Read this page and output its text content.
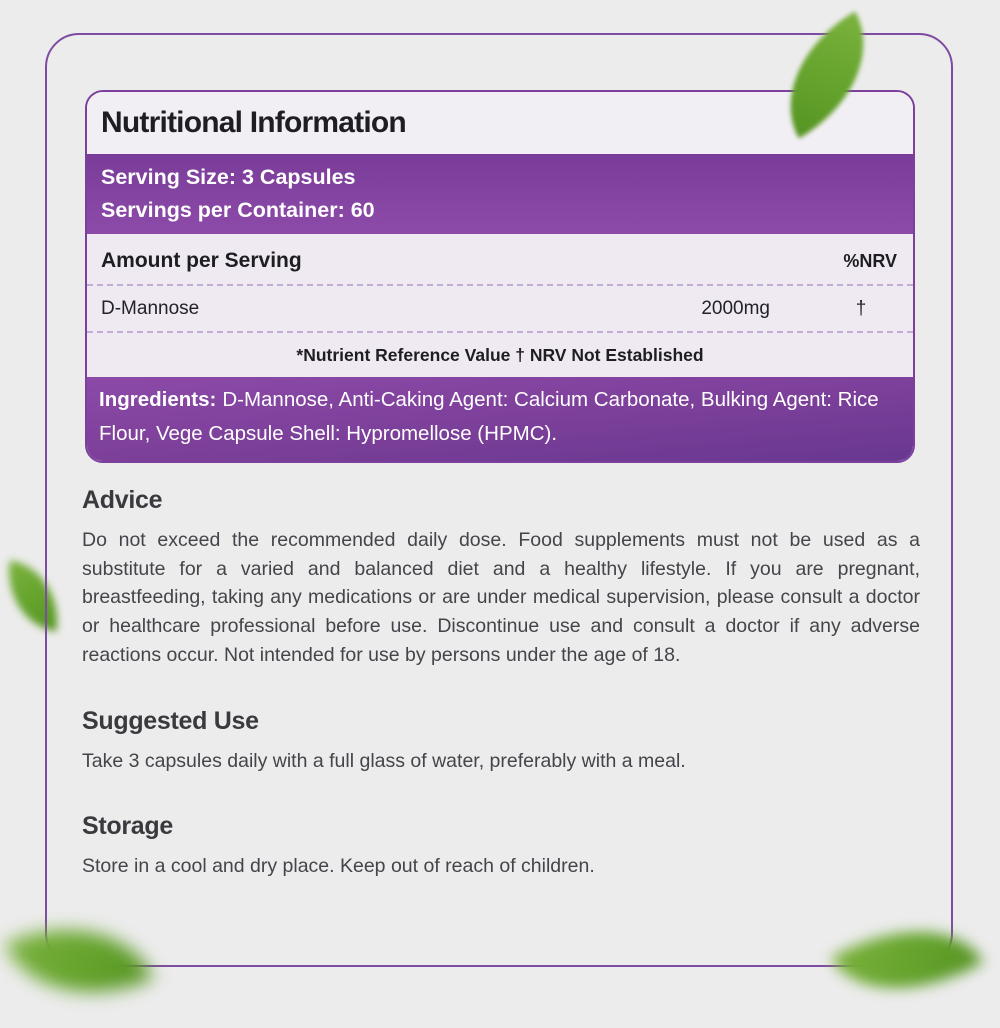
Nutritional Information
Serving Size: 3 Capsules
Servings per Container: 60
Amount per Serving	%NRV
D-Mannose	2000mg	†
*Nutrient Reference Value † NRV Not Established
Ingredients: D-Mannose, Anti-Caking Agent: Calcium Carbonate, Bulking Agent: Rice Flour, Vege Capsule Shell: Hypromellose (HPMC).
Advice

Do not exceed the recommended daily dose. Food supplements must not be used as a substitute for a varied and balanced diet and a healthy lifestyle. If you are pregnant, breastfeeding, taking any medications or are under medical supervision, please consult a doctor or healthcare professional before use. Discontinue use and consult a doctor if any adverse reactions occur. Not intended for use by persons under the age of 18.

Suggested Use

Take 3 capsules daily with a full glass of water, preferably with a meal.

Storage

Store in a cool and dry place. Keep out of reach of children.
